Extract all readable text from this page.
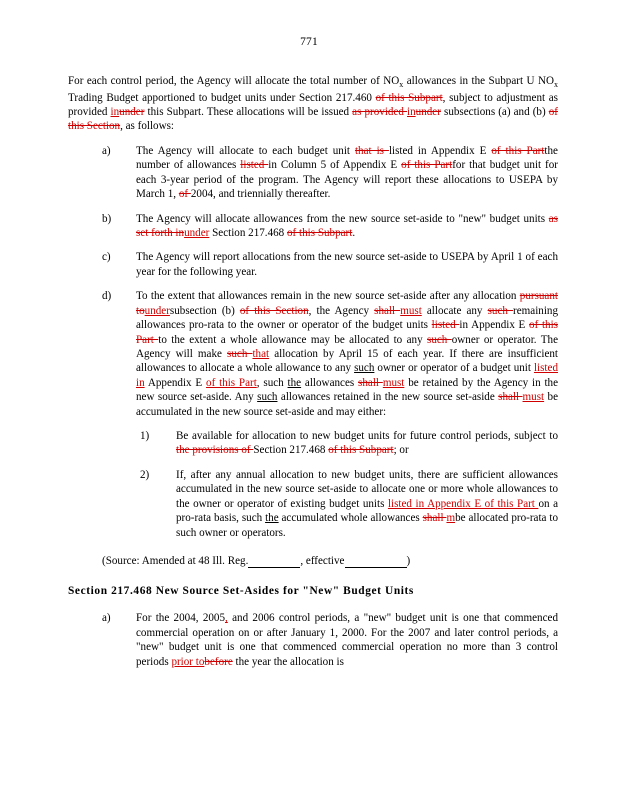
771

For each control period, the Agency will allocate the total number of $NO_x$ allowances in the Subpart U $NO_x$ Trading Budget apportioned to budget units under Section 217.460 of this Subpart, subject to adjustment as provided inunder this Subpart. These allocations will be issued as provided inunder subsections (a) and (b) of this Section, as follows:

a)	The Agency will allocate to each budget unit that is listed in Appendix E of this Partthe number of allowances listed in Column 5 of Appendix E of this Partfor that budget unit for each 3-year period of the program. The Agency will report these allocations to USEPA by March 1, of 2004, and triennially thereafter.
b)	The Agency will allocate allowances from the new source set-aside to "new" budget units as set forth inunder Section 217.468 of this Subpart.
c)	The Agency will report allocations from the new source set-aside to USEPA by April 1 of each year for the following year.
d)	To the extent that allowances remain in the new source set-aside after any allocation pursuant toundersubsection (b) of this Section, the Agency shall must allocate any such remaining allowances pro-rata to the owner or operator of the budget units listed in Appendix E of this Part to the extent a whole allowance may be allocated to any such owner or operator. The Agency will make such that allocation by April 15 of each year. If there are insufficient allowances to allocate a whole allowance to any such owner or operator of a budget unit listed in Appendix E of this Part, such the allowances shall must be retained by the Agency in the new source set-aside. Any such allowances retained in the new source set-aside shall must be accumulated in the new source set-aside and may either:
1)	Be available for allocation to new budget units for future control periods, subject to the provisions of Section 217.468 of this Subpart; or
2)	If, after any annual allocation to new budget units, there are sufficient allowances accumulated in the new source set-aside to allocate one or more whole allowances to the owner or operator of existing budget units listed in Appendix E of this Part on a pro-rata basis, such the accumulated whole allowances shall mbe allocated pro-rata to such owner or operators.

(Source: Amended at 48 Ill. Reg.	, effective	)

Section 217.468 New Source Set-Asides for "New" Budget Units

a)	For the 2004, 2005, and 2006 control periods, a "new" budget unit is one that commenced commercial operation on or after January 1, 2000. For the 2007 and later control periods, a "new" budget unit is one that commenced commercial operation no more than 3 control periods prior tobefore the year the allocation is
